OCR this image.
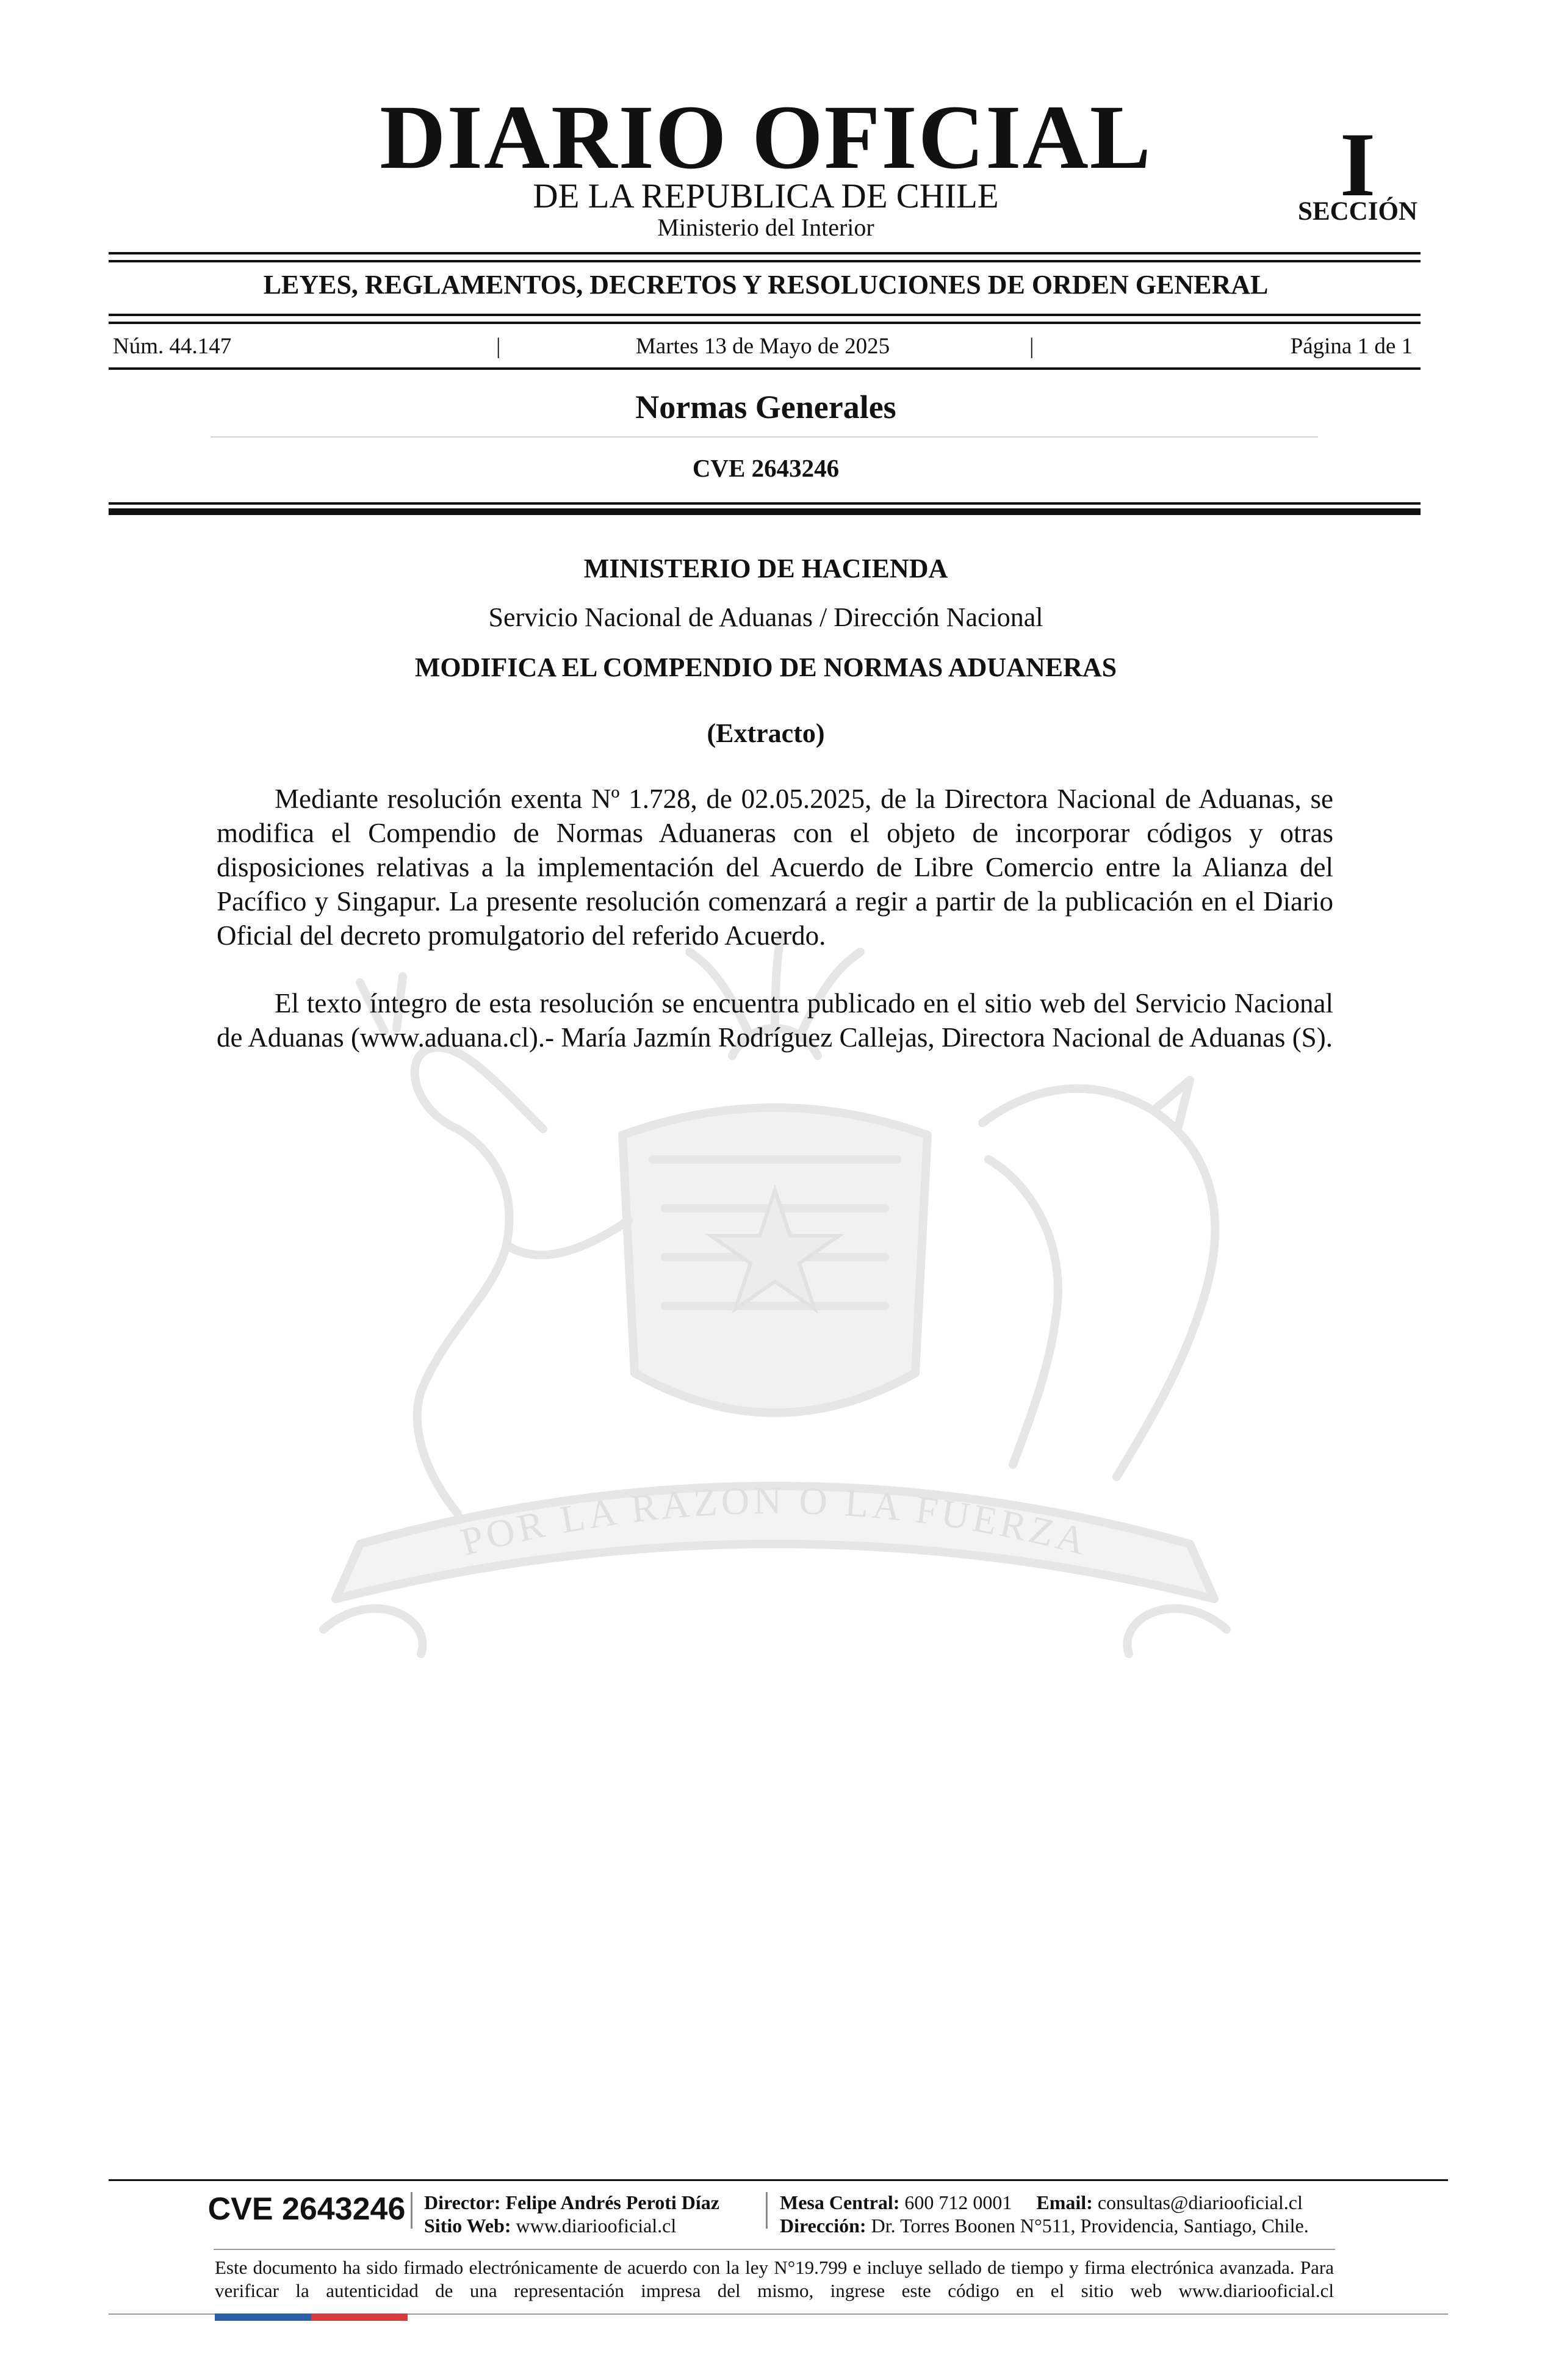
DIARIO OFICIAL
DE LA REPUBLICA DE CHILE
Ministerio del Interior
I
SECCIÓN
LEYES, REGLAMENTOS, DECRETOS Y RESOLUCIONES DE ORDEN GENERAL
Núm. 44.147	|	Martes 13 de Mayo de 2025	|	Página 1 de 1
Normas Generales
CVE 2643246
POR LA RAZON O LA FUERZA
MINISTERIO DE HACIENDA
Servicio Nacional de Aduanas / Dirección Nacional
MODIFICA EL COMPENDIO DE NORMAS ADUANERAS
(Extracto)
Mediante resolución exenta Nº 1.728, de 02.05.2025, de la Directora Nacional de Aduanas, se modifica el Compendio de Normas Aduaneras con el objeto de incorporar códigos y otras disposiciones relativas a la implementación del Acuerdo de Libre Comercio entre la Alianza del Pacífico y Singapur. La presente resolución comenzará a regir a partir de la publicación en el Diario Oficial del decreto promulgatorio del referido Acuerdo.
El texto íntegro de esta resolución se encuentra publicado en el sitio web del Servicio Nacional de Aduanas (www.aduana.cl).- María Jazmín Rodríguez Callejas, Directora Nacional de Aduanas (S).
CVE 2643246 Director: Felipe Andrés Peroti Díaz
Sitio Web: www.diariooficial.cl
Mesa Central: 600 712 0001 Email: consultas@diariooficial.cl
Dirección: Dr. Torres Boonen N°511, Providencia, Santiago, Chile.
Este documento ha sido firmado electrónicamente de acuerdo con la ley N°19.799 e incluye sellado de tiempo y firma electrónica avanzada. Para verificar la autenticidad de una representación impresa del mismo, ingrese este código en el sitio web www.diariooficial.cl
